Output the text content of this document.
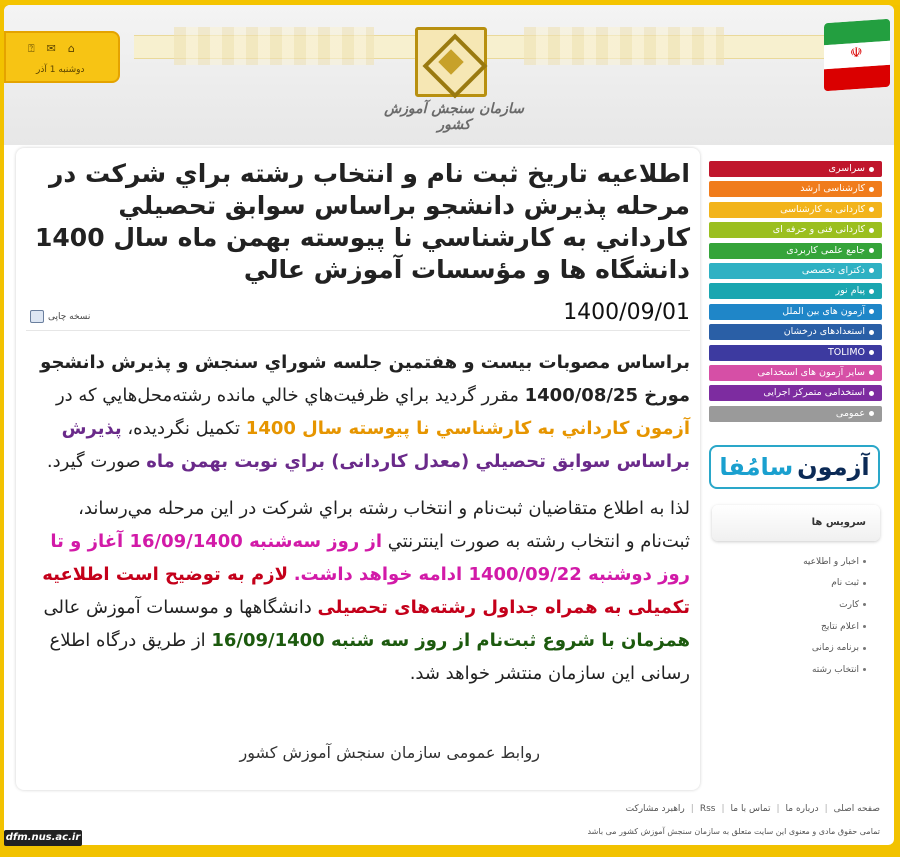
سازمان سنجش آموزش کشور
⍰ ✉ ⌂
دوشنبه 1 آذر
☫
اطلاعيه تاريخ ثبت نام و انتخاب رشته براي شركت در مرحله پذيرش دانشجو براساس سوابق تحصيلي كارداني به كارشناسي نا پيوسته بهمن ماه سال 1400 دانشگاه ها و مؤسسات آموزش عالي
1400/09/01
نسخه چاپی

براساس مصوبات بيست و هفتمين جلسه شوراي سنجش و پذيرش دانشجو مورخ 1400/08/25 مقرر گرديد براي ظرفيت‌هاي خالي مانده رشته‌محل‌هايي كه در آزمون كارداني به كارشناسي نا پيوسته سال 1400 تكميل نگرديده، پذيرش براساس سوابق تحصيلي (معدل كاردانی) براي نوبت بهمن ماه صورت گيرد.

لذا به اطلاع متقاضيان ثبت‌نام و انتخاب رشته براي شركت در اين مرحله مي‌رساند، ثبت‌نام و انتخاب رشته به صورت اينترنتي از روز سه‌شنبه 16/09/1400 آغاز و تا روز دوشنبه 1400/09/22 ادامه خواهد داشت. لازم به توضيح است اطلاعيه تكميلی به همراه جداول رشته‌های تحصيلی دانشگاهها و موسسات آموزش عالی همزمان با شروع ثبت‌نام از روز سه شنبه 16/09/1400 از طريق درگاه اطلاع رسانی اين سازمان منتشر خواهد شد.

روابط عمومی سازمان سنجش آموزش كشور
سراسری
کارشناسی ارشد
کاردانی به کارشناسی
کاردانی فنی و حرفه ای
جامع علمی کاربردی
دکترای تخصصی
پیام نور
آزمون های بین الملل
استعدادهای درخشان
TOLIMO
سایر آزمون های استخدامی
استخدامی متمرکز اجرایی
عمومی
آزمون
سامُفا
سرویس ها
اخبار و اطلاعیه
ثبت نام
کارت
اعلام نتایج
برنامه زمانی
انتخاب رشته
صفحه اصلی
|
درباره ما
|
تماس با ما
|
Rss
|
راهبرد مشارکت
تمامی حقوق مادی و معنوی این سایت متعلق به سازمان سنجش آموزش کشور می باشد
dfm.nus.ac.ir
